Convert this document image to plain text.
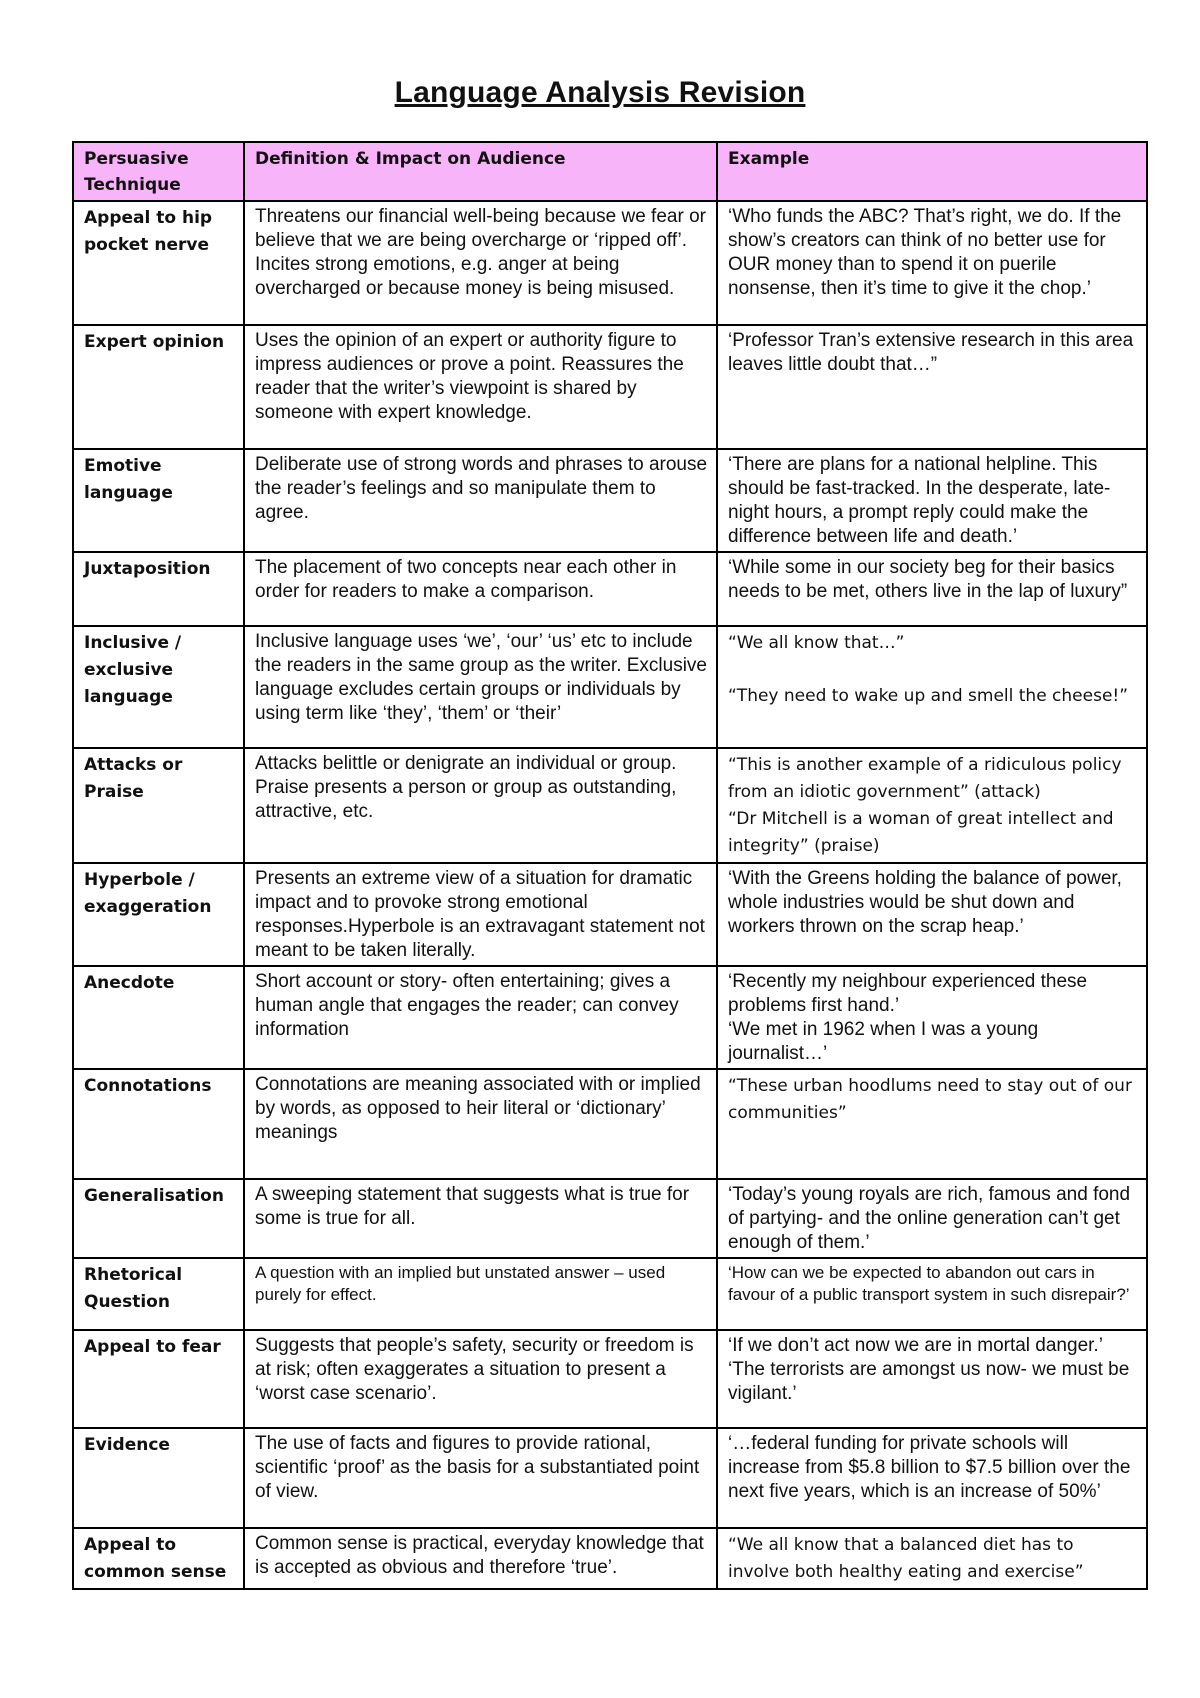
Language Analysis Revision
Persuasive Technique	Definition & Impact on Audience	Example
Appeal to hip pocket nerve	Threatens our financial well-being because we fear or believe that we are being overcharge or ‘ripped off’. Incites strong emotions, e.g. anger at being overcharged or because money is being misused.	‘Who funds the ABC? That’s right, we do. If the show’s creators can think of no better use for OUR money than to spend it on puerile nonsense, then it’s time to give it the chop.’
Expert opinion	Uses the opinion of an expert or authority figure to impress audiences or prove a point. Reassures the reader that the writer’s viewpoint is shared by someone with expert knowledge.	‘Professor Tran’s extensive research in this area leaves little doubt that…”
Emotive language	Deliberate use of strong words and phrases to arouse the reader’s feelings and so manipulate them to agree.	‘There are plans for a national helpline. This should be fast-tracked. In the desperate, late-night hours, a prompt reply could make the difference between life and death.’
Juxtaposition	The placement of two concepts near each other in order for readers to make a comparison.	‘While some in our society beg for their basics needs to be met, others live in the lap of luxury”
Inclusive / exclusive language	Inclusive language uses ‘we’, ‘our’ ‘us’ etc to include the readers in the same group as the writer. Exclusive language excludes certain groups or individuals by using term like ‘they’, ‘them’ or ‘their’	“We all know that…”
“They need to wake up and smell the cheese!”

Attacks or Praise	Attacks belittle or denigrate an individual or group. Praise presents a person or group as outstanding, attractive, etc.	“This is another example of a ridiculous policy from an idiotic government” (attack)
“Dr Mitchell is a woman of great intellect and integrity” (praise)

Hyperbole / exaggeration	Presents an extreme view of a situation for dramatic impact and to provoke strong emotional responses.Hyperbole is an extravagant statement not meant to be taken literally.	‘With the Greens holding the balance of power, whole industries would be shut down and workers thrown on the scrap heap.’
Anecdote	Short account or story- often entertaining; gives a human angle that engages the reader; can convey information	‘Recently my neighbour experienced these problems first hand.’
‘We met in 1962 when I was a young journalist…’

Connotations	Connotations are meaning associated with or implied by words, as opposed to heir literal or ‘dictionary’ meanings	“These urban hoodlums need to stay out of our communities”
Generalisation	A sweeping statement that suggests what is true for some is true for all.	‘Today’s young royals are rich, famous and fond of partying- and the online generation can’t get enough of them.’
Rhetorical Question	A question with an implied but unstated answer – used purely for effect.	‘How can we be expected to abandon out cars in favour of a public transport system in such disrepair?’
Appeal to fear	Suggests that people’s safety, security or freedom is at risk; often exaggerates a situation to present a ‘worst case scenario’.	‘If we don’t act now we are in mortal danger.’
‘The terrorists are amongst us now- we must be vigilant.’

Evidence	The use of facts and figures to provide rational, scientific ‘proof’ as the basis for a substantiated point of view.	‘…federal funding for private schools will increase from $5.8 billion to $7.5 billion over the next five years, which is an increase of 50%’
Appeal to common sense	Common sense is practical, everyday knowledge that is accepted as obvious and therefore ‘true’.	“We all know that a balanced diet has to involve both healthy eating and exercise”
